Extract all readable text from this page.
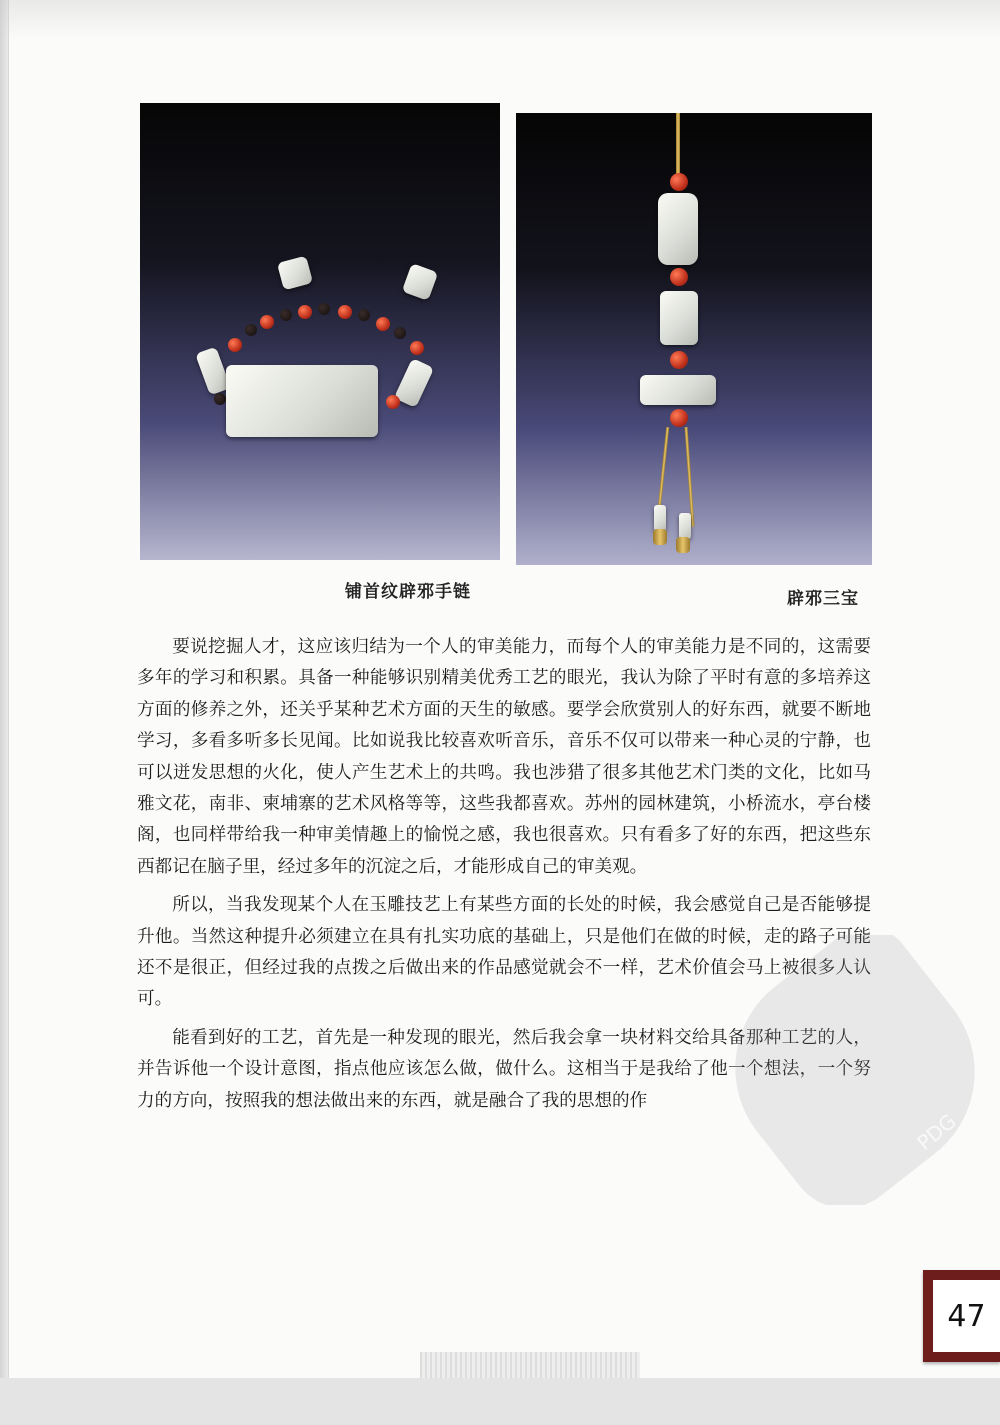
铺首纹辟邪手链	辟邪三宝

要说挖掘人才，这应该归结为一个人的审美能力，而每个人的审美能力是不同的，这需要多年的学习和积累。具备一种能够识别精美优秀工艺的眼光，我认为除了平时有意的多培养这方面的修养之外，还关乎某种艺术方面的天生的敏感。要学会欣赏别人的好东西，就要不断地学习，多看多听多长见闻。比如说我比较喜欢听音乐，音乐不仅可以带来一种心灵的宁静，也可以迸发思想的火化，使人产生艺术上的共鸣。我也涉猎了很多其他艺术门类的文化，比如马雅文花，南非、柬埔寨的艺术风格等等，这些我都喜欢。苏州的园林建筑，小桥流水，亭台楼阁，也同样带给我一种审美情趣上的愉悦之感，我也很喜欢。只有看多了好的东西，把这些东西都记在脑子里，经过多年的沉淀之后，才能形成自己的审美观。

所以，当我发现某个人在玉雕技艺上有某些方面的长处的时候，我会感觉自己是否能够提升他。当然这种提升必须建立在具有扎实功底的基础上，只是他们在做的时候，走的路子可能还不是很正，但经过我的点拨之后做出来的作品感觉就会不一样，艺术价值会马上被很多人认可。

能看到好的工艺，首先是一种发现的眼光，然后我会拿一块材料交给具备那种工艺的人，并告诉他一个设计意图，指点他应该怎么做，做什么。这相当于是我给了他一个想法，一个努力的方向，按照我的想法做出来的东西，就是融合了我的思想的作

PDG
47
